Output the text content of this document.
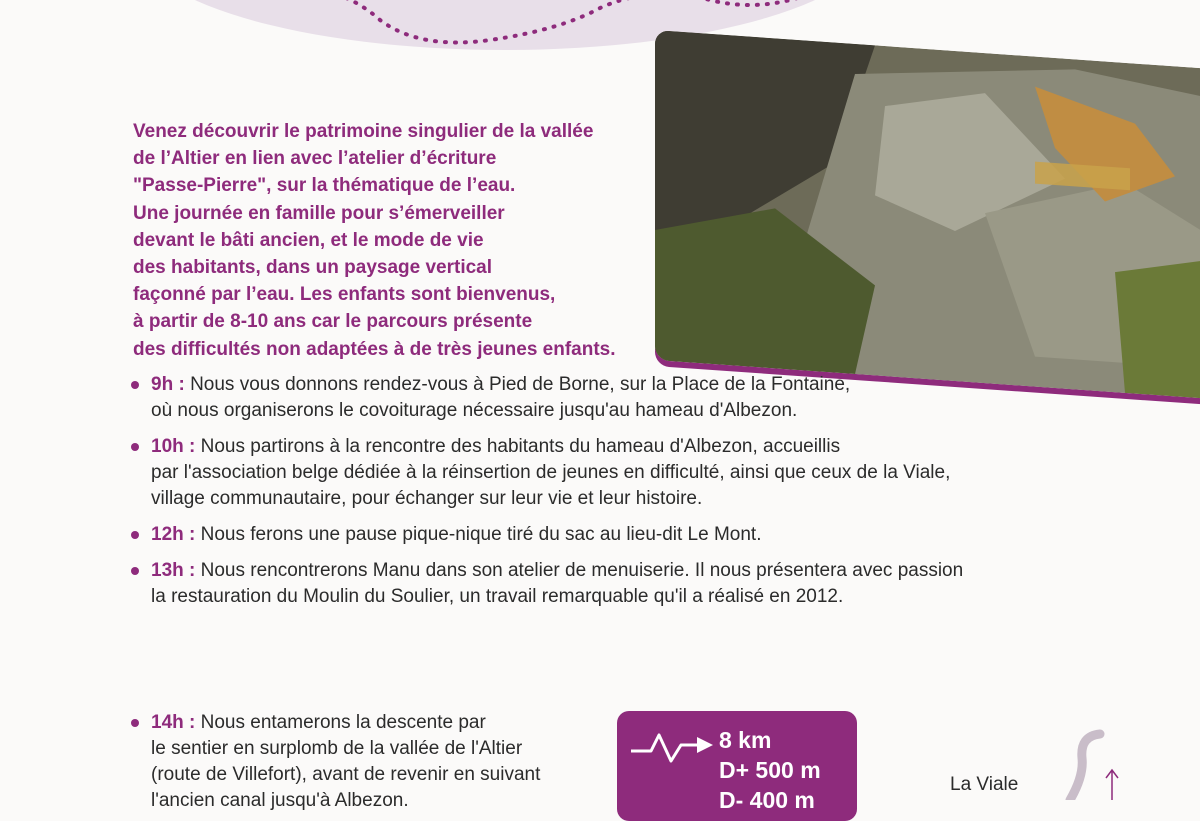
Venez découvrir le patrimoine singulier de la vallée
de l’Altier en lien avec l’atelier d’écriture
"Passe-Pierre", sur la thématique de l’eau.
Une journée en famille pour s’émerveiller
devant le bâti ancien, et le mode de vie
des habitants, dans un paysage vertical
façonné par l’eau. Les enfants sont bienvenus,
à partir de 8-10 ans car le parcours présente
des difficultés non adaptées à de très jeunes enfants.

9h : Nous vous donnons rendez-vous à Pied de Borne, sur la Place de la Fontaine,
où nous organiserons le covoiturage nécessaire jusqu'au hameau d'Albezon.
10h : Nous partirons à la rencontre des habitants du hameau d'Albezon, accueillis
par l'association belge dédiée à la réinsertion de jeunes en difficulté, ainsi que ceux de la Viale,
village communautaire, pour échanger sur leur vie et leur histoire.
12h : Nous ferons une pause pique-nique tiré du sac au lieu-dit Le Mont.
13h : Nous rencontrerons Manu dans son atelier de menuiserie. Il nous présentera avec passion
la restauration du Moulin du Soulier, un travail remarquable qu'il a réalisé en 2012.
14h : Nous entamerons la descente par
le sentier en surplomb de la vallée de l'Altier
(route de Villefort), avant de revenir en suivant
l'ancien canal jusqu'à Albezon.
8 km
D+ 500 m
D- 400 m
La Viale
